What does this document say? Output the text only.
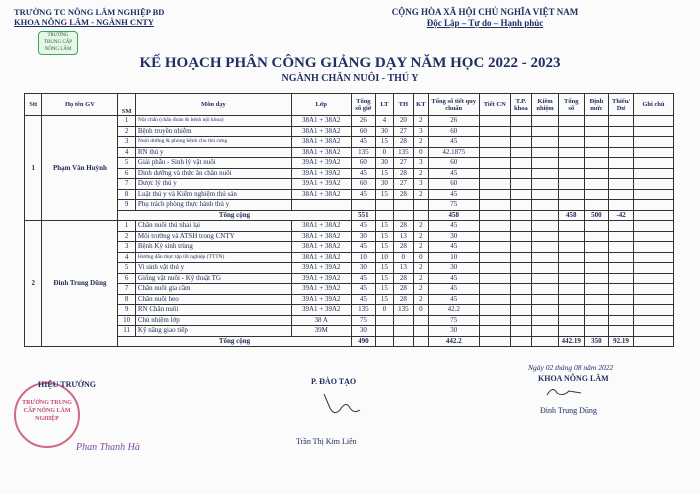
TRƯỜNG TC NÔNG LÂM NGHIỆP BD
KHOA NÔNG LÂM - NGÀNH CNTY
TRƯỜNG TRUNG CẤP NÔNG LÂM
CỘNG HÒA XÃ HỘI CHỦ NGHĨA VIỆT NAM
Độc Lập – Tự do – Hạnh phúc
KẾ HOẠCH PHÂN CÔNG GIẢNG DẠY NĂM HỌC 2022 - 2023
NGÀNH CHĂN NUÔI - THÚ Y
Stt	Họ tên GV	SM	Môn dạy	Lớp	Tổng số giờ	LT	TH	KT	Tổng số tiết quy chuẩn	Tiết CN	T.P. khoa	Kiêm nhiệm	Tổng số	Định mức	Thiếu/ Dư	Ghi chú
1	Phạm Văn Huỳnh	1	Nội chẩn (chẩn đoán & bệnh nội khoa)	38A1 + 38A2	26	4	20	2	26							
		2	Bệnh truyền nhiễm	38A1 + 38A2	60	30	27	3	60							
		3	Nuôi dưỡng & phòng bệnh cho thú cưng	38A1 + 38A2	45	15	28	2	45							
		4	RN thú y	38A1 + 38A2	135	0	135	0	42.1875							
		5	Giải phẫu - Sinh lý vật nuôi	39A1 + 39A2	60	30	27	3	60							
		6	Dinh dưỡng và thức ăn chăn nuôi	39A1 + 39A2	45	15	28	2	45							
		7	Dược lý thú y	39A1 + 39A2	60	30	27	3	60							
		8	Luật thú y và Kiểm nghiệm thú sản	38A1 + 38A2	45	15	28	2	45							
		9	Phụ trách phòng thực hành thú y						75							
		Tổng cộng			551				458				458	500	-42	
2	Đinh Trung Dũng	1	Chăn nuôi thú nhai lại	38A1 + 38A2	45	15	28	2	45							
		2	Môi trường và ATSH trong CNTY	38A1 + 38A2	30	15	13	2	30							
		3	Bệnh Ký sinh trùng	38A1 + 38A2	45	15	28	2	45							
		4	Hướng dẫn thực tập tốt nghiệp (TTTN)	38A1 + 38A2	10	10	0	0	10							
		5	Vi sinh vật thú y	39A1 + 39A2	30	15	13	2	30							
		6	Giống vật nuôi - Kỹ thuật TG	39A1 + 39A2	45	15	28	2	45							
		7	Chăn nuôi gia cầm	39A1 + 39A2	45	15	28	2	45							
		8	Chăn nuôi heo	39A1 + 39A2	45	15	28	2	45							
		9	RN Chăn nuôi	39A1 + 39A2	135	0	135	0	42.2							
		10	Chủ nhiệm lớp	38 A	75				75							
		11	Kỹ năng giao tiếp	39M	30				30							
		Tổng cộng			490				442.2				442.19	350	92.19	
TRƯỜNG TRUNG CẤP NÔNG LÂM NGHIỆP
HIỆU TRƯỞNG
Phan Thanh Hà
P. ĐÀO TẠO
Trần Thị Kim Liên
Ngày 02 tháng 08 năm 2022
KHOA NÔNG LÂM
Đinh Trung Dũng
